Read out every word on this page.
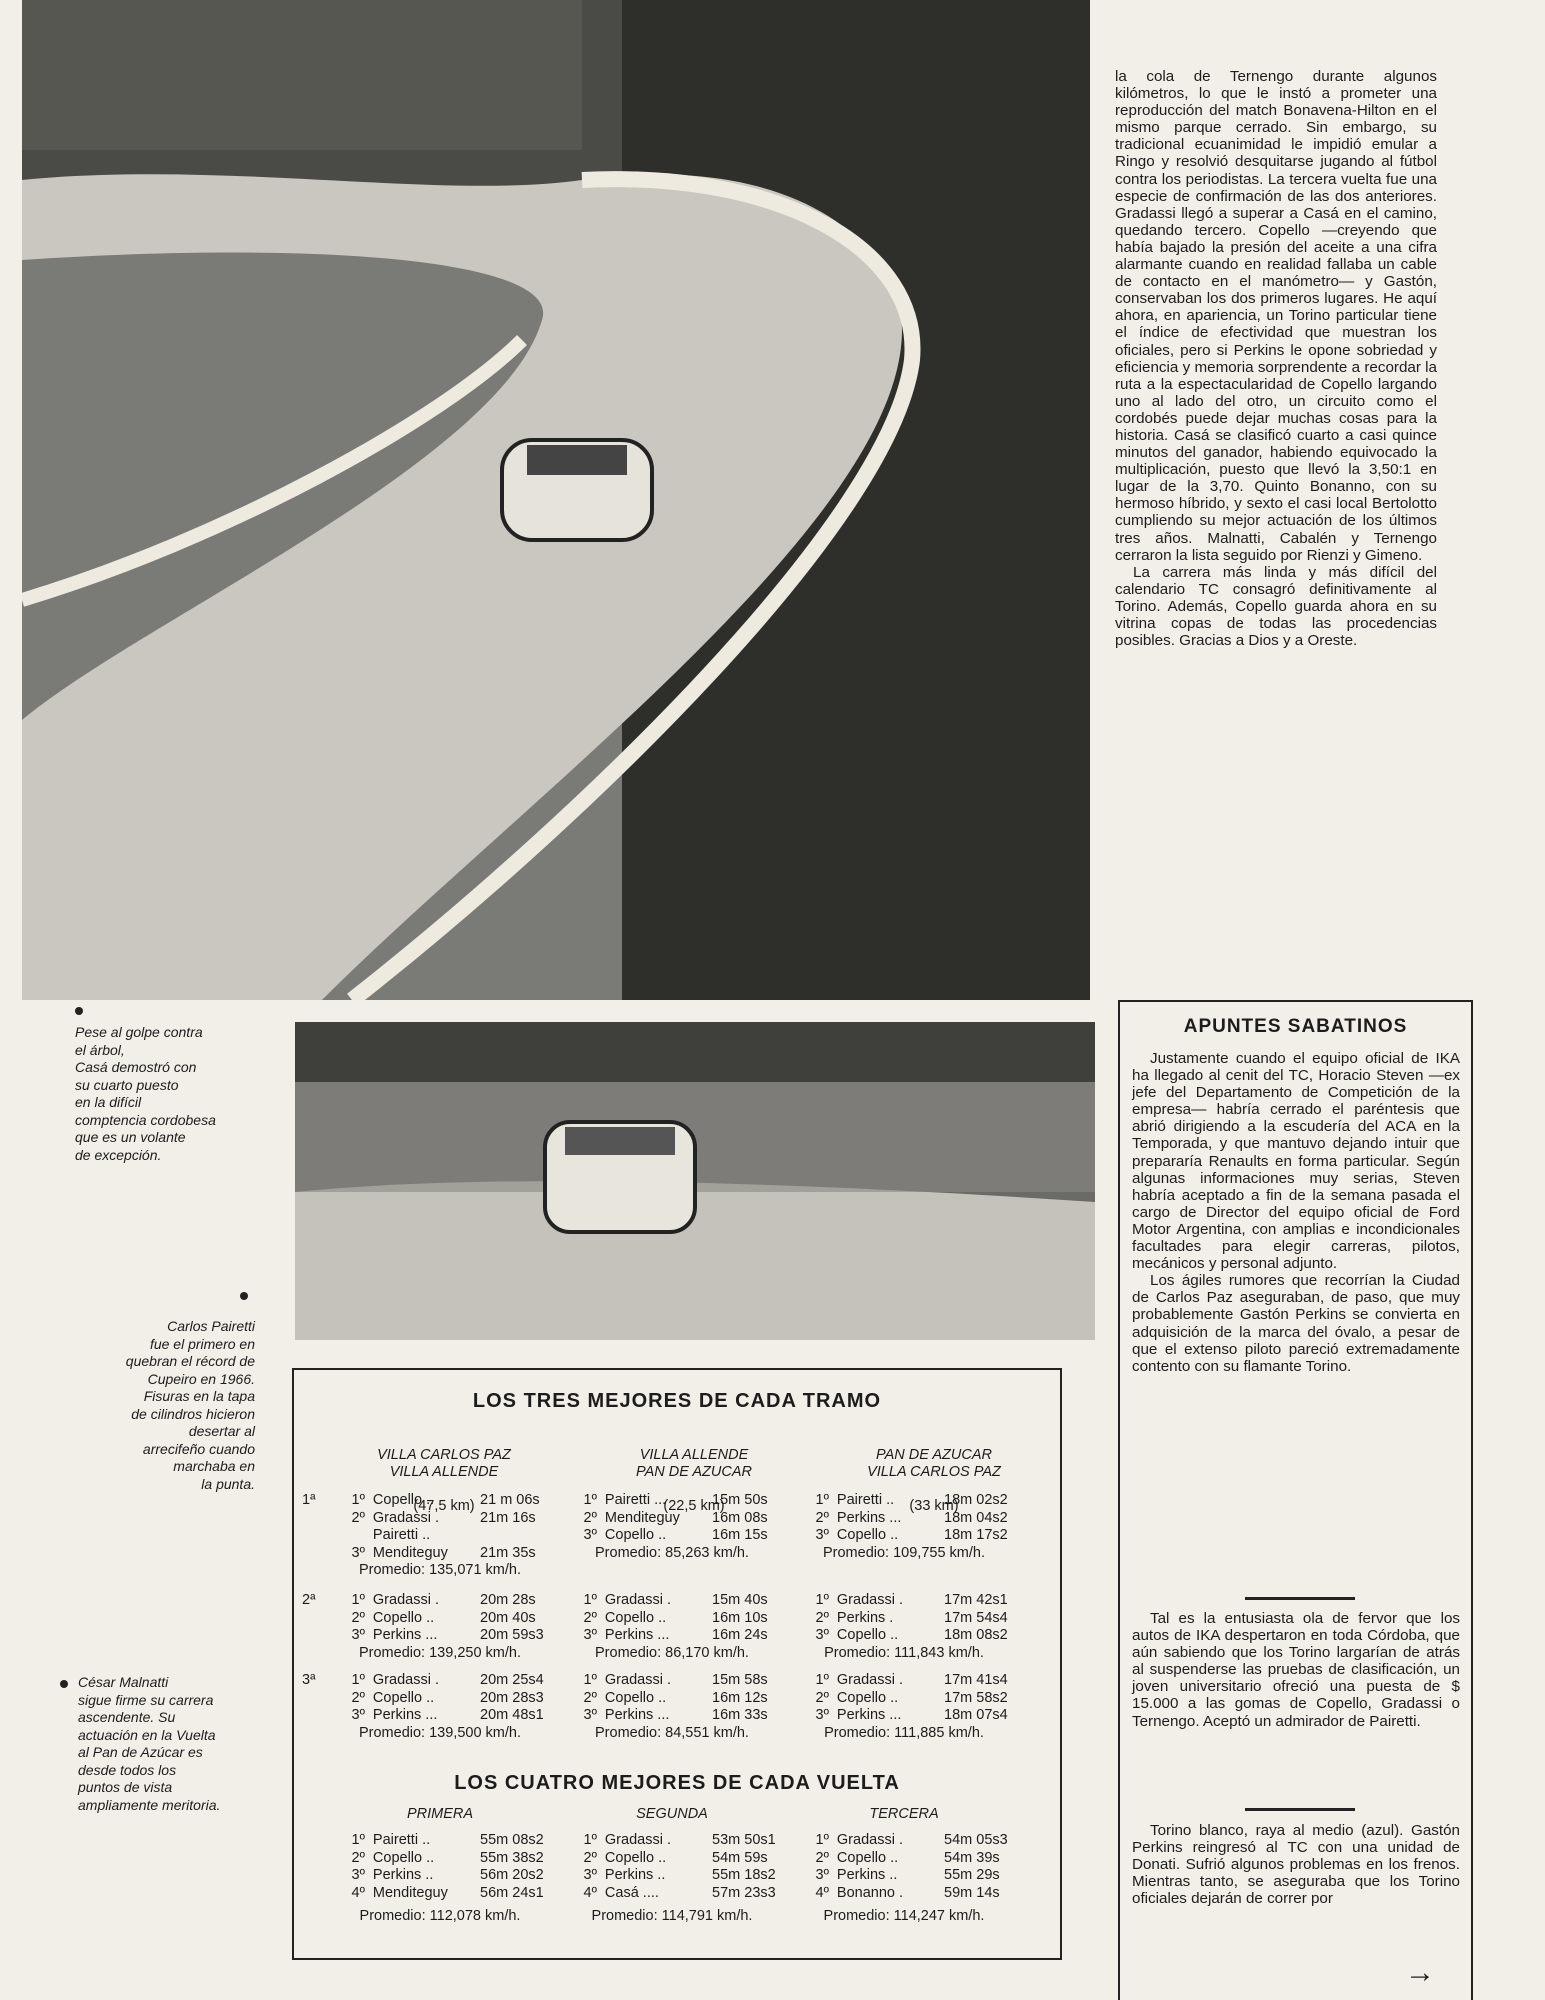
la cola de Ternengo durante algunos kilómetros, lo que le instó a prometer una reproducción del match Bonavena-Hilton en el mismo parque cerrado. Sin embargo, su tradicional ecuanimidad le impidió emular a Ringo y resolvió desquitarse jugando al fútbol contra los periodistas. La tercera vuelta fue una especie de confirmación de las dos anteriores. Gradassi llegó a superar a Casá en el camino, quedando tercero. Copello —creyendo que había bajado la presión del aceite a una cifra alarmante cuando en realidad fallaba un cable de contacto en el manómetro— y Gastón, conservaban los dos primeros lugares. He aquí ahora, en apariencia, un Torino particular tiene el índice de efectividad que muestran los oficiales, pero si Perkins le opone sobriedad y eficiencia y memoria sorprendente a recordar la ruta a la espectacularidad de Copello largando uno al lado del otro, un circuito como el cordobés puede dejar muchas cosas para la historia. Casá se clasificó cuarto a casi quince minutos del ganador, habiendo equivocado la multiplicación, puesto que llevó la 3,50:1 en lugar de la 3,70. Quinto Bonanno, con su hermoso híbrido, y sexto el casi local Bertolotto cumpliendo su mejor actuación de los últimos tres años. Malnatti, Cabalén y Ternengo cerraron la lista seguido por Rienzi y Gimeno.

La carrera más linda y más difícil del calendario TC consagró definitivamente al Torino. Además, Copello guarda ahora en su vitrina copas de todas las procedencias posibles. Gracias a Dios y a Oreste.

Pese al golpe contra
el árbol,
Casá demostró con
su cuarto puesto
en la difícil
comptencia cordobesa
que es un volante
de excepción.
Carlos Pairetti
fue el primero en
quebran el récord de
Cupeiro en 1966.
Fisuras en la tapa
de cilindros hicieron
desertar al
arrecifeño cuando
marchaba en
la punta.
César Malnatti
sigue firme su carrera
ascendente. Su
actuación en la Vuelta
al Pan de Azúcar es
desde todos los
puntos de vista
ampliamente meritoria.
LOS TRES MEJORES DE CADA TRAMO

VILLA CARLOS PAZ
VILLA ALLENDE

(47,5 km)

VILLA ALLENDE
PAN DE AZUCAR

(22,5 km)

PAN DE AZUCAR
VILLA CARLOS PAZ

(33 km)

1ª	1º Copello ..	21 m 06s
2º Gradassi .	21m 16s
Pairetti ..
3º Menditeguy	21m 35s
Promedio: 135,071 km/h.
1º Pairetti ...	15m 50s
2º Menditeguy	16m 08s
3º Copello ..	16m 15s
Promedio: 85,263 km/h.
1º Pairetti ..	18m 02s2
2º Perkins ...	18m 04s2
3º Copello ..	18m 17s2
Promedio: 109,755 km/h.
2ª	1º Gradassi .	20m 28s
2º Copello ..	20m 40s
3º Perkins ...	20m 59s3
Promedio: 139,250 km/h.
1º Gradassi .	15m 40s
2º Copello ..	16m 10s
3º Perkins ...	16m 24s
Promedio: 86,170 km/h.
1º Gradassi .	17m 42s1
2º Perkins .	17m 54s4
3º Copello ..	18m 08s2
Promedio: 111,843 km/h.
3ª	1º Gradassi .	20m 25s4
2º Copello ..	20m 28s3
3º Perkins ...	20m 48s1
Promedio: 139,500 km/h.
1º Gradassi .	15m 58s
2º Copello ..	16m 12s
3º Perkins ...	16m 33s
Promedio: 84,551 km/h.
1º Gradassi .	17m 41s4
2º Copello ..	17m 58s2
3º Perkins ...	18m 07s4
Promedio: 111,885 km/h.
LOS CUATRO MEJORES DE CADA VUELTA
PRIMERA
1º Pairetti ..	55m 08s2
2º Copello ..	55m 38s2
3º Perkins ..	56m 20s2
4º Menditeguy	56m 24s1
Promedio: 112,078 km/h.
SEGUNDA
1º Gradassi .	53m 50s1
2º Copello ..	54m 59s
3º Perkins ..	55m 18s2
4º Casá ....	57m 23s3
Promedio: 114,791 km/h.
TERCERA
1º Gradassi .	54m 05s3
2º Copello ..	54m 39s
3º Perkins ..	55m 29s
4º Bonanno .	59m 14s
Promedio: 114,247 km/h.
APUNTES SABATINOS

Justamente cuando el equipo oficial de IKA ha llegado al cenit del TC, Horacio Steven —ex jefe del Departamento de Competición de la empresa— habría cerrado el paréntesis que abrió dirigiendo a la escudería del ACA en la Temporada, y que mantuvo dejando intuir que prepararía Renaults en forma particular. Según algunas informaciones muy serias, Steven habría aceptado a fin de la semana pasada el cargo de Director del equipo oficial de Ford Motor Argentina, con amplias e incondicionales facultades para elegir carreras, pilotos, mecánicos y personal adjunto.

Los ágiles rumores que recorrían la Ciudad de Carlos Paz aseguraban, de paso, que muy probablemente Gastón Perkins se convierta en adquisición de la marca del óvalo, a pesar de que el extenso piloto pareció extremadamente contento con su flamante Torino.

Tal es la entusiasta ola de fervor que los autos de IKA despertaron en toda Córdoba, que aún sabiendo que los Torino largarían de atrás al suspenderse las pruebas de clasificación, un joven universitario ofreció una puesta de $ 15.000 a las gomas de Copello, Gradassi o Ternengo. Aceptó un admirador de Pairetti.

Torino blanco, raya al medio (azul). Gastón Perkins reingresó al TC con una unidad de Donati. Sufrió algunos problemas en los frenos. Mientras tanto, se aseguraba que los Torino oficiales dejarán de correr por

→
